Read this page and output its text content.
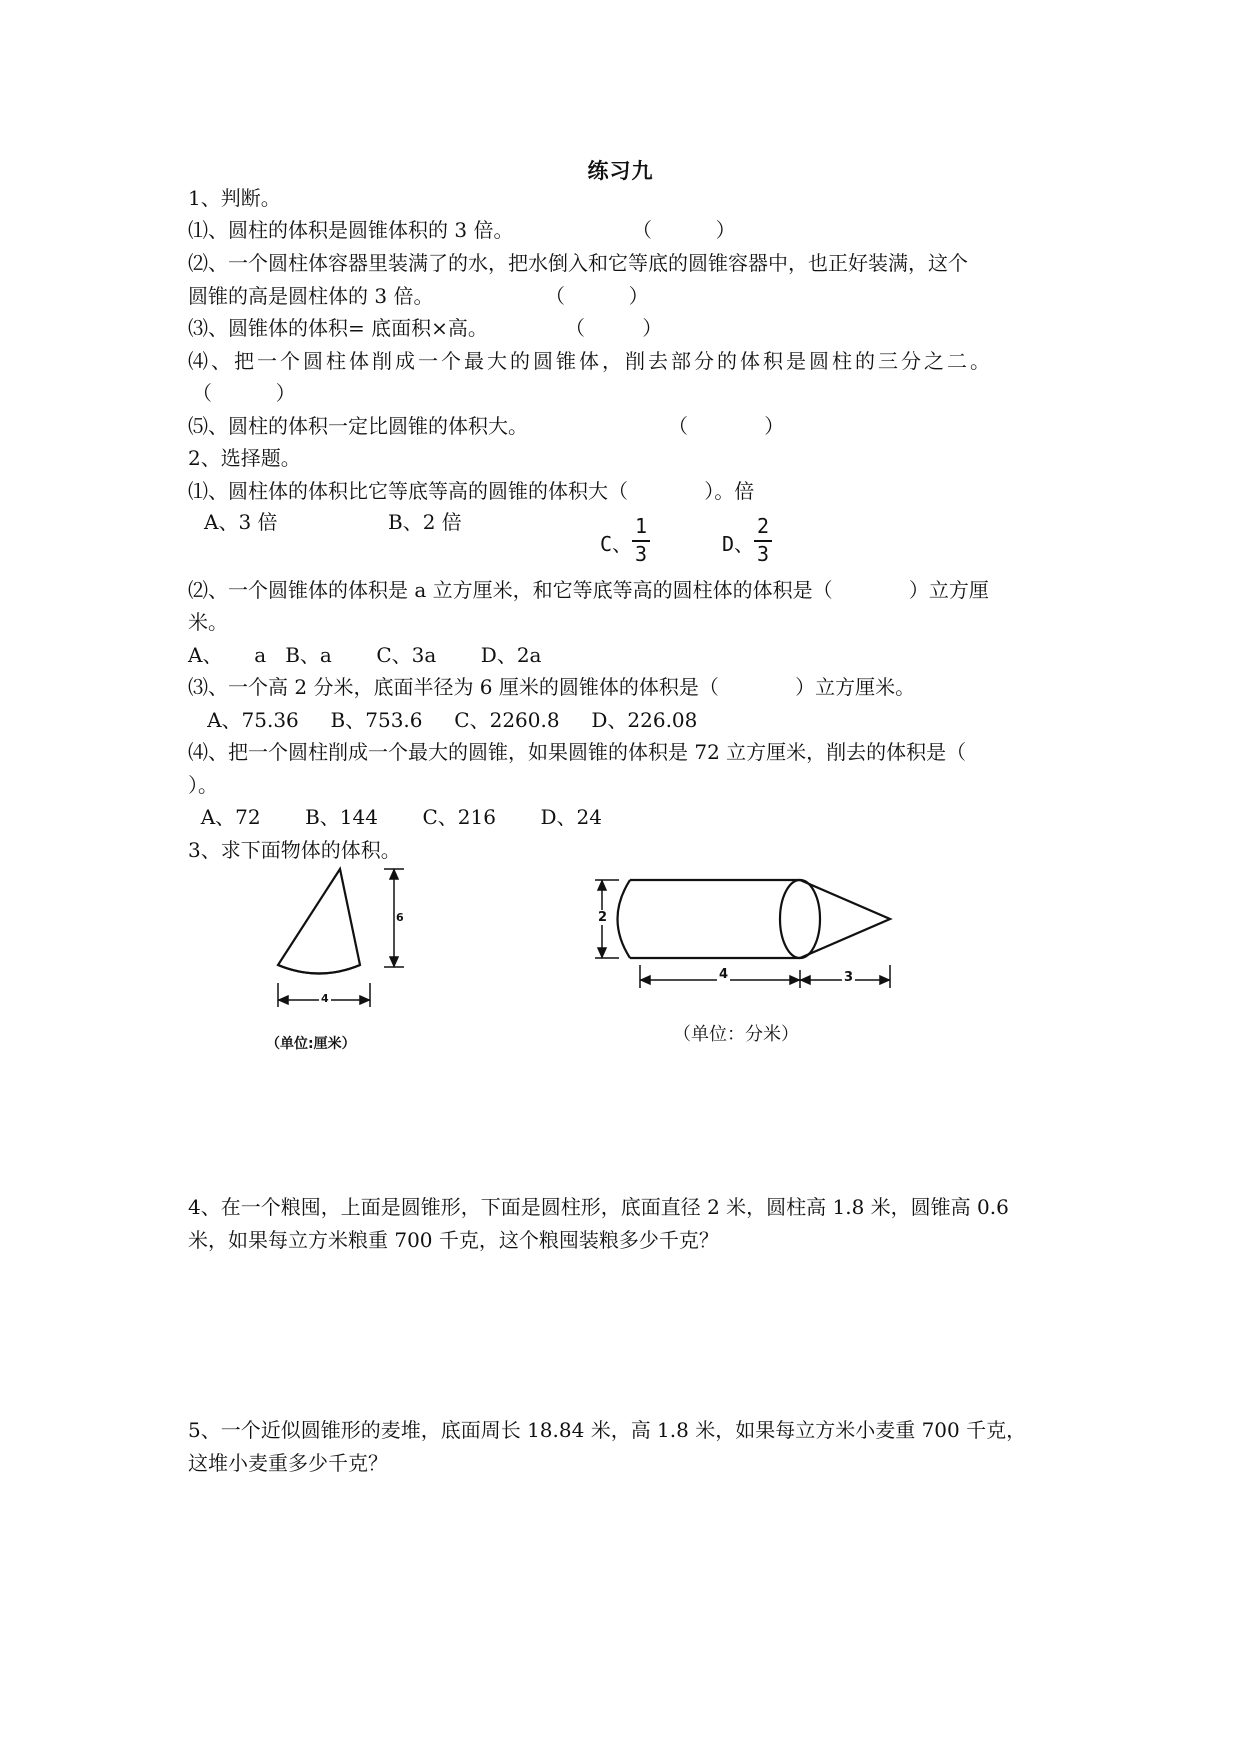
练习九
1、判断。
⑴、圆柱的体积是圆锥体积的 3 倍。	（          ）
⑵、一个圆柱体容器里装满了的水，把水倒入和它等底的圆锥容器中，也正好装满，这个
圆锥的高是圆柱体的 3 倍。	（          ）
⑶、圆锥体的体积= 底面积×高。	（         ）
⑷、把一个圆柱体削成一个最大的圆锥体，削去部分的体积是圆柱的三分之二。
（          ）
⑸、圆柱的体积一定比圆锥的体积大。	（            ）
2、选择题。
⑴、圆柱体的体积比它等底等高的圆锥的体积大（            ）。倍
A、3 倍	B、2 倍
C、
1
3	D、
2
3
⑵、一个圆锥体的体积是 a 立方厘米，和它等底等高的圆柱体的体积是（            ）立方厘
米。
A、     a   B、a       C、3a       D、2a
⑶、一个高 2 分米，底面半径为 6 厘米的圆锥体的体积是（            ）立方厘米。
A、75.36     B、753.6     C、2260.8     D、226.08
⑷、把一个圆柱削成一个最大的圆锥，如果圆锥的体积是 72 立方厘米，削去的体积是（
）。
A、72       B、144       C、216       D、24
3、求下面物体的体积。
6
4
（单位:厘米）
2
4	3
（单位：分米）
4、在一个粮囤，上面是圆锥形，下面是圆柱形，底面直径 2 米，圆柱高 1.8 米，圆锥高 0.6
米，如果每立方米粮重 700 千克，这个粮囤装粮多少千克？
5、一个近似圆锥形的麦堆，底面周长 18.84 米，高 1.8 米，如果每立方米小麦重 700 千克，
这堆小麦重多少千克？
